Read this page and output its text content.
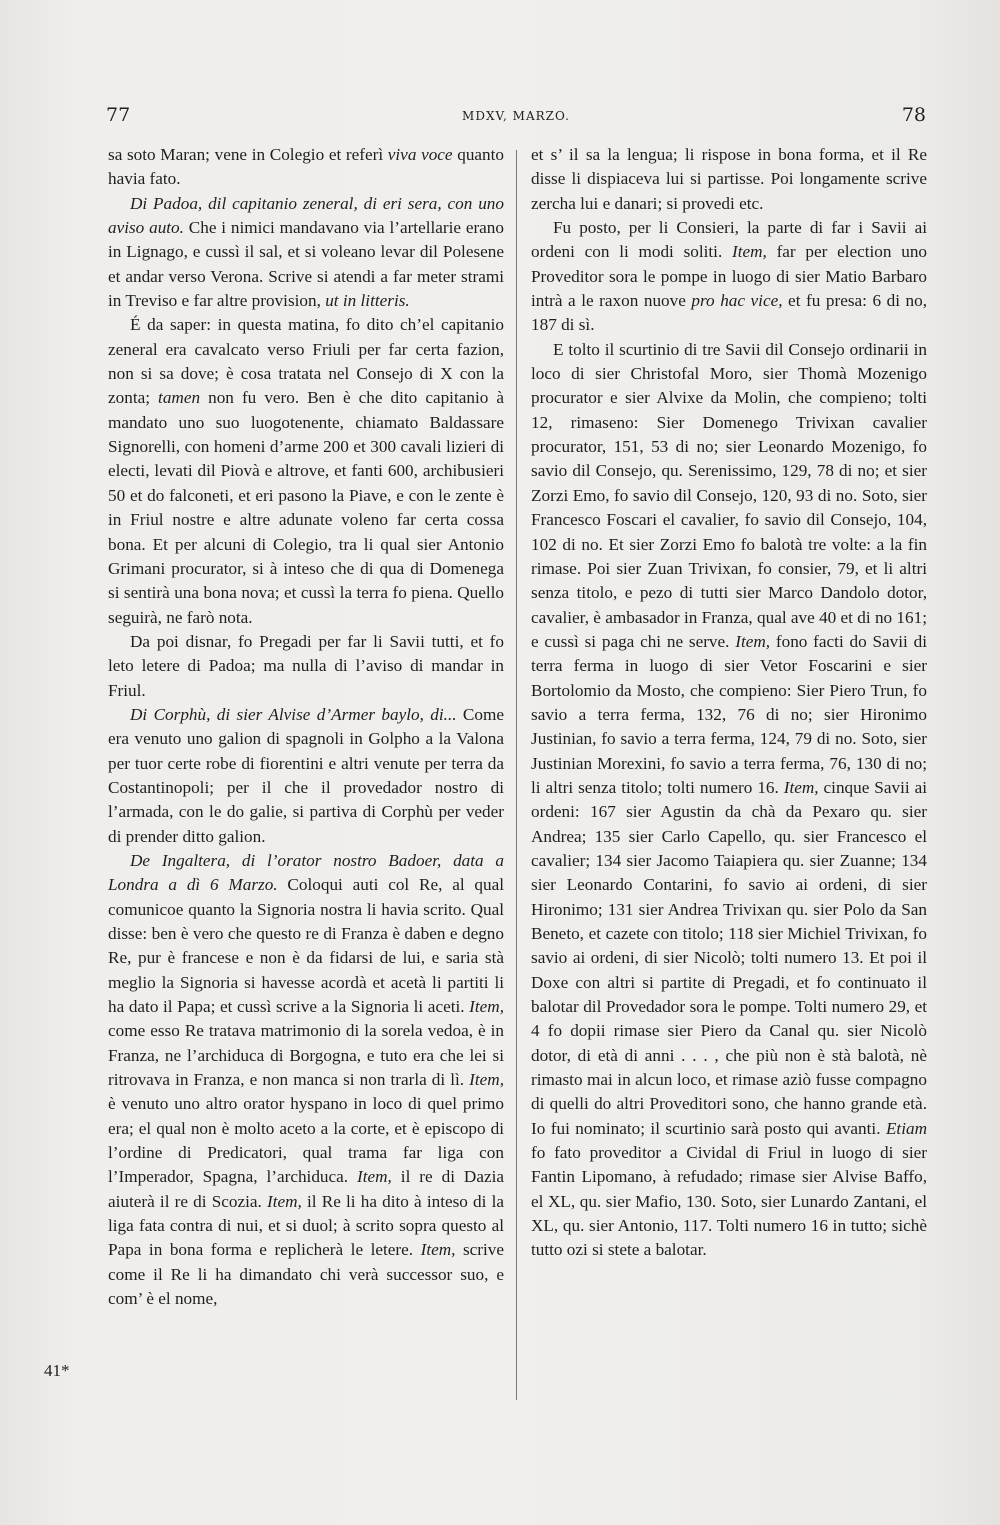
77	MDXV, MARZO.	78

sa soto Maran; vene in Colegio et referì viva voce quanto havia fato.

Di Padoa, dil capitanio zeneral, di eri sera, con uno aviso auto. Che i nimici mandavano via l’artellarie erano in Lignago, e cussì il sal, et si voleano levar dil Polesene et andar verso Verona. Scrive si atendi a far meter strami in Treviso e far altre provision, ut in litteris.

É da saper: in questa matina, fo dito ch’el capitanio zeneral era cavalcato verso Friuli per far certa fazion, non si sa dove; è cosa tratata nel Consejo di X con la zonta; tamen non fu vero. Ben è che dito capitanio à mandato uno suo luogotenente, chiamato Baldassare Signorelli, con homeni d’arme 200 et 300 cavali lizieri di electi, levati dil Piovà e altrove, et fanti 600, archibusieri 50 et do falconeti, et eri pasono la Piave, e con le zente è in Friul nostre e altre adunate voleno far certa cossa bona. Et per alcuni di Colegio, tra li qual sier Antonio Grimani procurator, si à inteso che di qua di Domenega si sentirà una bona nova; et cussì la terra fo piena. Quello seguirà, ne farò nota.

Da poi disnar, fo Pregadi per far li Savii tutti, et fo leto letere di Padoa; ma nulla di l’aviso di mandar in Friul.

Di Corphù, di sier Alvise d’Armer baylo, di... Come era venuto uno galion di spagnoli in Golpho a la Valona per tuor certe robe di fiorentini e altri venute per terra da Costantinopoli; per il che il provedador nostro di l’armada, con le do galie, si partiva di Corphù per veder di prender ditto galion.

De Ingaltera, di l’orator nostro Badoer, data a Londra a dì 6 Marzo. Coloqui auti col Re, al qual comunicoe quanto la Signoria nostra li havia scrito. Qual disse: ben è vero che questo re di Franza è daben e degno Re, pur è francese e non è da fidarsi de lui, e saria stà meglio la Signoria si havesse acordà et acetà li partiti li ha dato il Papa; et cussì scrive a la Signoria li aceti. Item, come esso Re tratava matrimonio di la sorela vedoa, è in Franza, ne l’archiduca di Borgogna, e tuto era che lei si ritrovava in Franza, e non manca si non trarla di lì. Item, è venuto uno altro orator hyspano in loco di quel primo era; el qual non è molto aceto a la corte, et è episcopo di l’ordine di Predicatori, qual trama far liga con l’Imperador, Spagna, l’archiduca. Item, il re di Dazia aiuterà il re di Scozia. Item, il Re li ha dito à inteso di la liga fata contra di nui, et si duol; à scrito sopra questo al Papa in bona forma e replicherà le letere. Item, scrive come il Re li ha dimandato chi verà successor suo, e com’ è el nome,

et s’ il sa la lengua; li rispose in bona forma, et il Re disse li dispiaceva lui si partisse. Poi longamente scrive zercha lui e danari; si provedi etc.

Fu posto, per li Consieri, la parte di far i Savii ai ordeni con li modi soliti. Item, far per election uno Proveditor sora le pompe in luogo di sier Matio Barbaro intrà a le raxon nuove pro hac vice, et fu presa: 6 di no, 187 di sì.

E tolto il scurtinio di tre Savii dil Consejo ordinarii in loco di sier Christofal Moro, sier Thomà Mozenigo procurator e sier Alvixe da Molin, che compieno; tolti 12, rimaseno: Sier Domenego Trivixan cavalier procurator, 151, 53 di no; sier Leonardo Mozenigo, fo savio dil Consejo, qu. Serenissimo, 129, 78 di no; et sier Zorzi Emo, fo savio dil Consejo, 120, 93 di no. Soto, sier Francesco Foscari el cavalier, fo savio dil Consejo, 104, 102 di no. Et sier Zorzi Emo fo balotà tre volte: a la fin rimase. Poi sier Zuan Trivixan, fo consier, 79, et li altri senza titolo, e pezo di tutti sier Marco Dandolo dotor, cavalier, è ambasador in Franza, qual ave 40 et di no 161; e cussì si paga chi ne serve. Item, fono facti do Savii di terra ferma in luogo di sier Vetor Foscarini e sier Bortolomio da Mosto, che compieno: Sier Piero Trun, fo savio a terra ferma, 132, 76 di no; sier Hironimo Justinian, fo savio a terra ferma, 124, 79 di no. Soto, sier Justinian Morexini, fo savio a terra ferma, 76, 130 di no; li altri senza titolo; tolti numero 16. Item, cinque Savii ai ordeni: 167 sier Agustin da chà da Pexaro qu. sier Andrea; 135 sier Carlo Capello, qu. sier Francesco el cavalier; 134 sier Jacomo Taiapiera qu. sier Zuanne; 134 sier Leonardo Contarini, fo savio ai ordeni, di sier Hironimo; 131 sier Andrea Trivixan qu. sier Polo da San Beneto, et cazete con titolo; 118 sier Michiel Trivixan, fo savio ai ordeni, di sier Nicolò; tolti numero 13. Et poi il Doxe con altri si partite di Pregadi, et fo continuato il balotar dil Provedador sora le pompe. Tolti numero 29, et 4 fo dopii rimase sier Piero da Canal qu. sier Nicolò dotor, di età di anni . . . , che più non è stà balotà, nè rimasto mai in alcun loco, et rimase aziò fusse compagno di quelli do altri Proveditori sono, che hanno grande età. Io fui nominato; il scurtinio sarà posto qui avanti. Etiam fo fato proveditor a Cividal di Friul in luogo di sier Fantin Lipomano, à refudado; rimase sier Alvise Baffo, el XL, qu. sier Mafio, 130. Soto, sier Lunardo Zantani, el XL, qu. sier Antonio, 117. Tolti numero 16 in tutto; sichè tutto ozi si stete a balotar.

41*
